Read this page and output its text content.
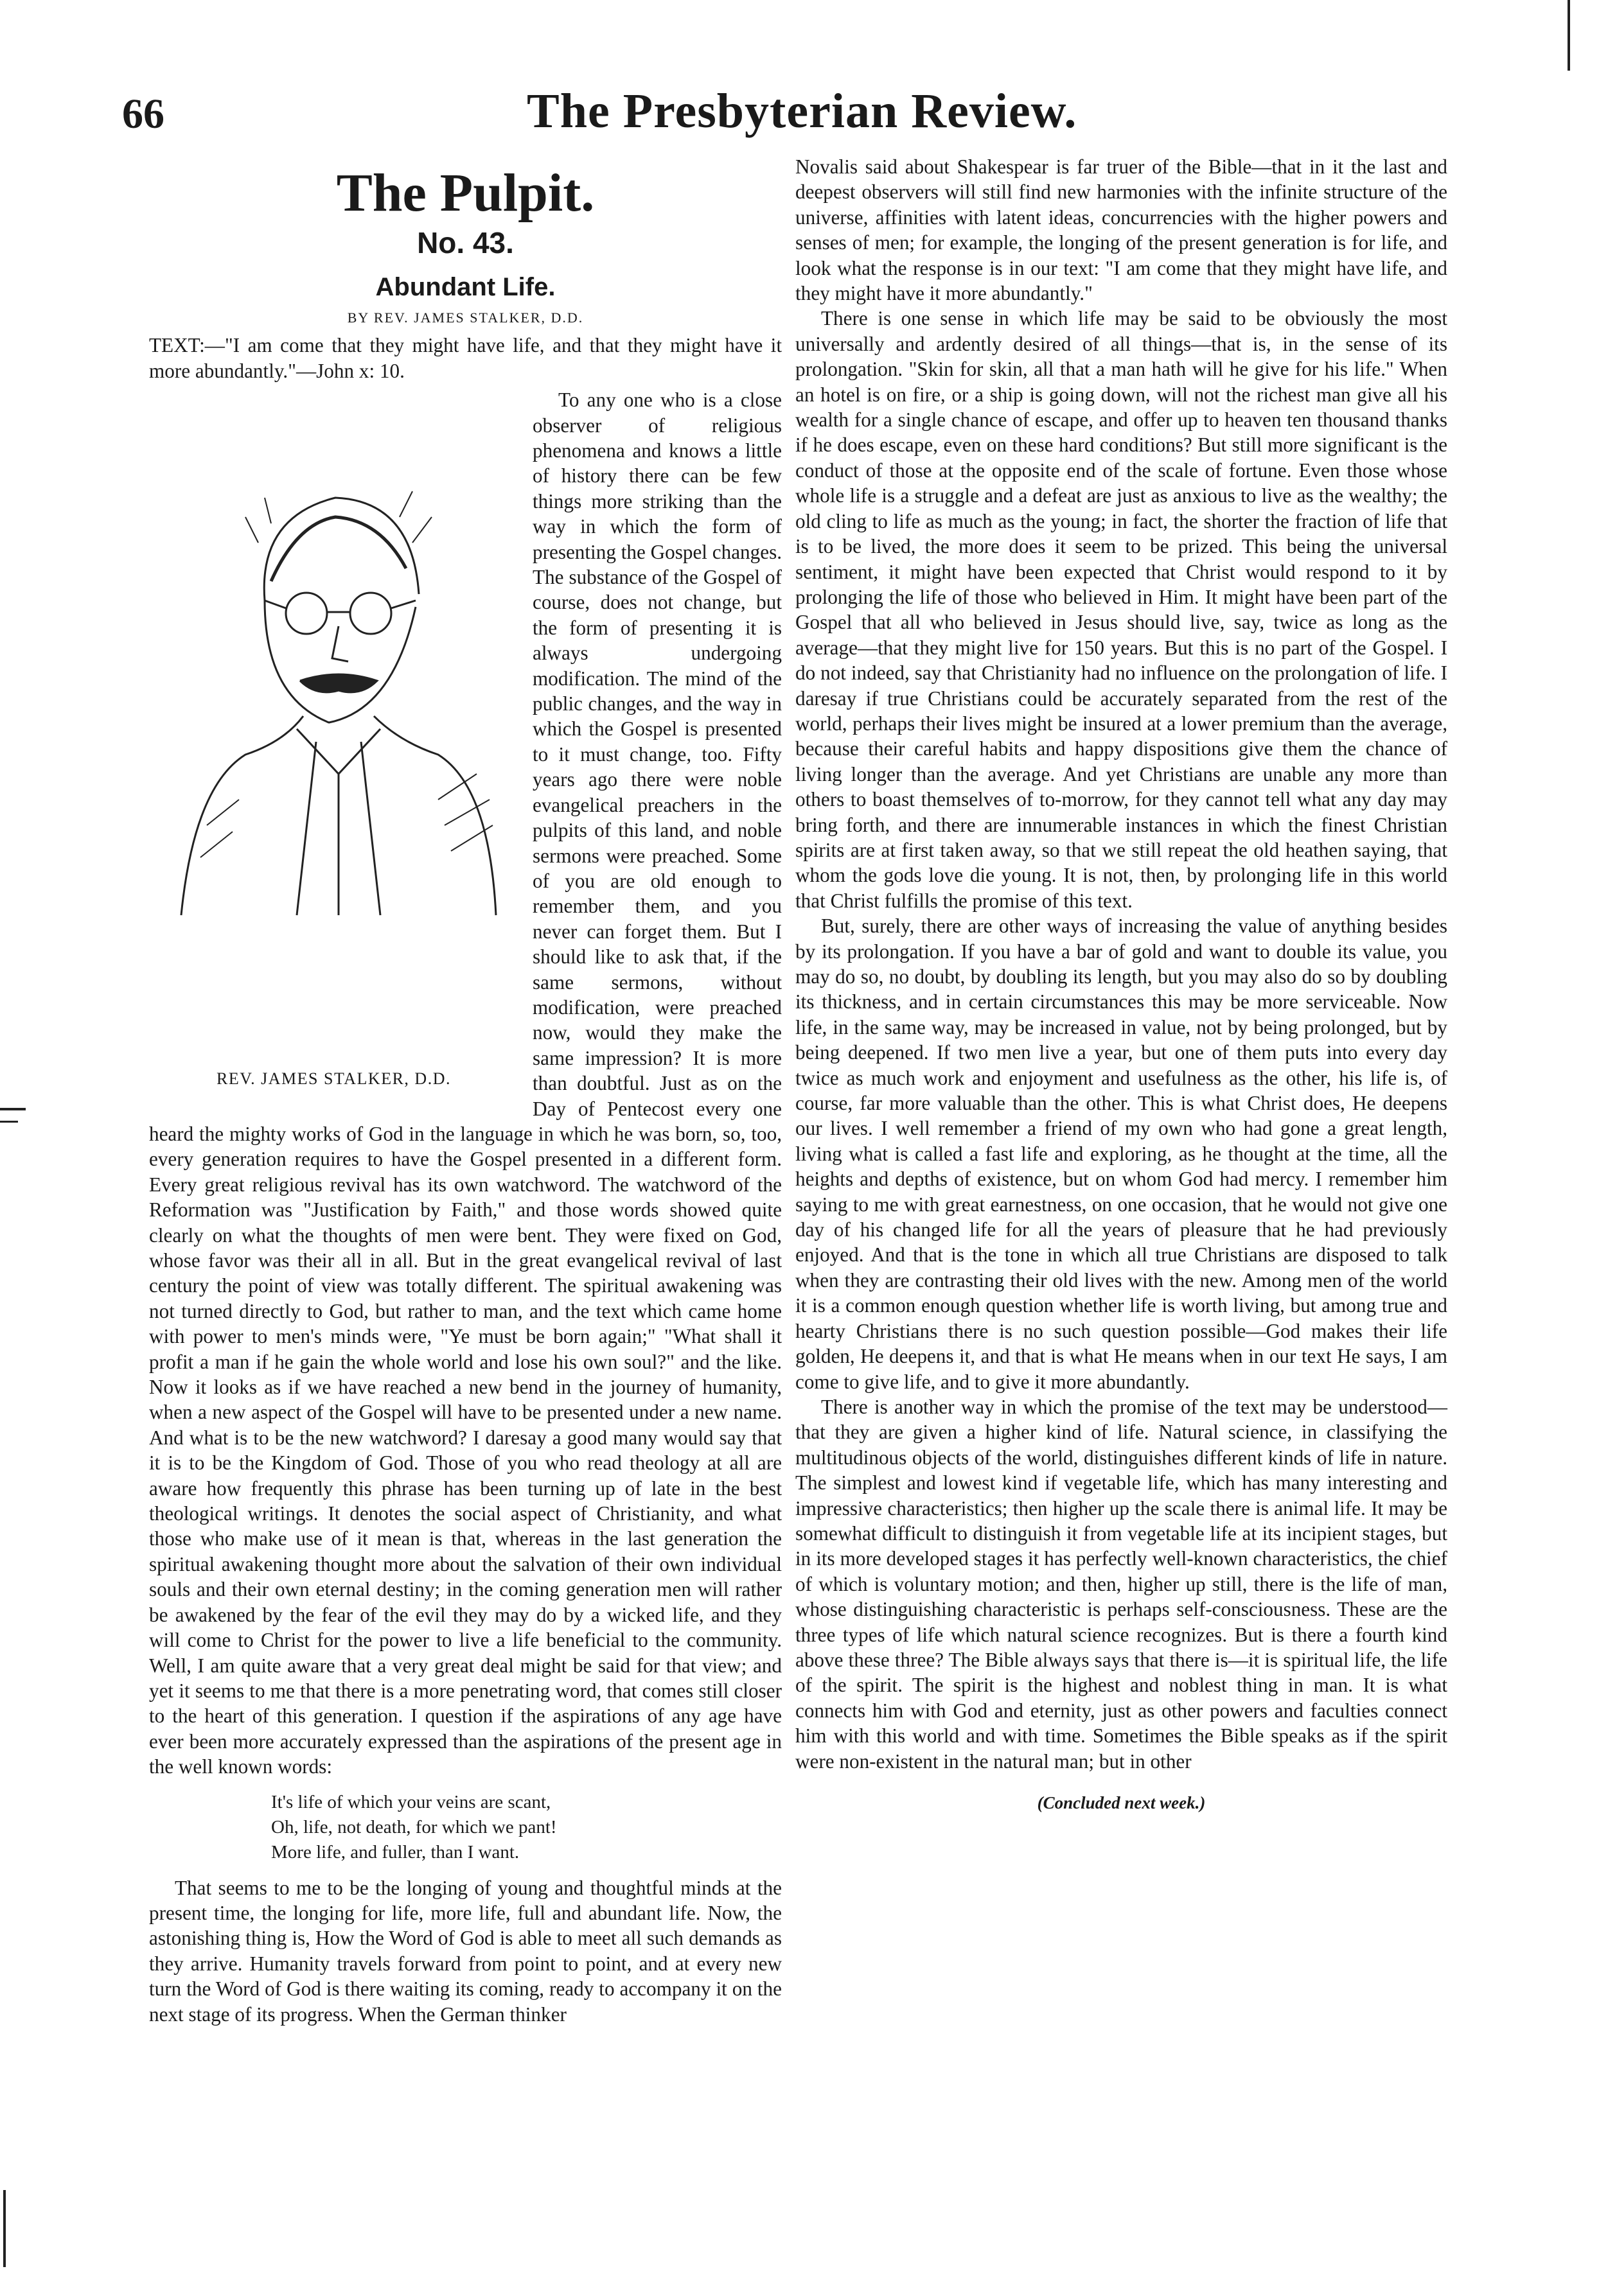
66	The Presbyterian Review.
The Pulpit.
No. 43.
Abundant Life.
BY REV. JAMES STALKER, D.D.

TEXT:—"I am come that they might have life, and that they might have it more abundantly."—John x: 10.

REV. JAMES STALKER, D.D.

To any one who is a close observer of religious phenomena and knows a little of history there can be few things more striking than the way in which the form of presenting the Gospel changes. The substance of the Gospel of course, does not change, but the form of presenting it is always undergoing modification. The mind of the public changes, and the way in which the Gospel is presented to it must change, too. Fifty years ago there were noble evangelical preachers in the pulpits of this land, and noble sermons were preached. Some of you are old enough to remember them, and you never can forget them. But I should like to ask that, if the same sermons, without modification, were preached now, would they make the same impression? It is more than doubtful. Just as on the Day of Pentecost every one heard the mighty works of God in the language in which he was born, so, too, every generation requires to have the Gospel presented in a different form. Every great religious revival has its own watchword. The watchword of the Reformation was "Justification by Faith," and those words showed quite clearly on what the thoughts of men were bent. They were fixed on God, whose favor was their all in all. But in the great evangelical revival of last century the point of view was totally different. The spiritual awakening was not turned directly to God, but rather to man, and the text which came home with power to men's minds were, "Ye must be born again;" "What shall it profit a man if he gain the whole world and lose his own soul?" and the like. Now it looks as if we have reached a new bend in the journey of humanity, when a new aspect of the Gospel will have to be presented under a new name. And what is to be the new watchword? I daresay a good many would say that it is to be the Kingdom of God. Those of you who read theology at all are aware how frequently this phrase has been turning up of late in the best theological writings. It denotes the social aspect of Christianity, and what those who make use of it mean is that, whereas in the last generation the spiritual awakening thought more about the salvation of their own individual souls and their own eternal destiny; in the coming generation men will rather be awakened by the fear of the evil they may do by a wicked life, and they will come to Christ for the power to live a life beneficial to the community. Well, I am quite aware that a very great deal might be said for that view; and yet it seems to me that there is a more penetrating word, that comes still closer to the heart of this generation. I question if the aspirations of any age have ever been more accurately expressed than the aspirations of the present age in the well known words:

It's life of which your veins are scant,
Oh, life, not death, for which we pant!
More life, and fuller, than I want.

That seems to me to be the longing of young and thoughtful minds at the present time, the longing for life, more life, full and abundant life. Now, the astonishing thing is, How the Word of God is able to meet all such demands as they arrive. Humanity travels forward from point to point, and at every new turn the Word of God is there waiting its coming, ready to accompany it on the next stage of its progress. When the German thinker

Novalis said about Shakespear is far truer of the Bible—that in it the last and deepest observers will still find new harmonies with the infinite structure of the universe, affinities with latent ideas, concurrencies with the higher powers and senses of men; for example, the longing of the present generation is for life, and look what the response is in our text: "I am come that they might have life, and they might have it more abundantly."

There is one sense in which life may be said to be obviously the most universally and ardently desired of all things—that is, in the sense of its prolongation. "Skin for skin, all that a man hath will he give for his life." When an hotel is on fire, or a ship is going down, will not the richest man give all his wealth for a single chance of escape, and offer up to heaven ten thousand thanks if he does escape, even on these hard conditions? But still more significant is the conduct of those at the opposite end of the scale of fortune. Even those whose whole life is a struggle and a defeat are just as anxious to live as the wealthy; the old cling to life as much as the young; in fact, the shorter the fraction of life that is to be lived, the more does it seem to be prized. This being the universal sentiment, it might have been expected that Christ would respond to it by prolonging the life of those who believed in Him. It might have been part of the Gospel that all who believed in Jesus should live, say, twice as long as the average—that they might live for 150 years. But this is no part of the Gospel. I do not indeed, say that Christianity had no influence on the prolongation of life. I daresay if true Christians could be accurately separated from the rest of the world, perhaps their lives might be insured at a lower premium than the average, because their careful habits and happy dispositions give them the chance of living longer than the average. And yet Christians are unable any more than others to boast themselves of to-morrow, for they cannot tell what any day may bring forth, and there are innumerable instances in which the finest Christian spirits are at first taken away, so that we still repeat the old heathen saying, that whom the gods love die young. It is not, then, by prolonging life in this world that Christ fulfills the promise of this text.

But, surely, there are other ways of increasing the value of anything besides by its prolongation. If you have a bar of gold and want to double its value, you may do so, no doubt, by doubling its length, but you may also do so by doubling its thickness, and in certain circumstances this may be more serviceable. Now life, in the same way, may be increased in value, not by being prolonged, but by being deepened. If two men live a year, but one of them puts into every day twice as much work and enjoyment and usefulness as the other, his life is, of course, far more valuable than the other. This is what Christ does, He deepens our lives. I well remember a friend of my own who had gone a great length, living what is called a fast life and exploring, as he thought at the time, all the heights and depths of existence, but on whom God had mercy. I remember him saying to me with great earnestness, on one occasion, that he would not give one day of his changed life for all the years of pleasure that he had previously enjoyed. And that is the tone in which all true Christians are disposed to talk when they are contrasting their old lives with the new. Among men of the world it is a common enough question whether life is worth living, but among true and hearty Christians there is no such question possible—God makes their life golden, He deepens it, and that is what He means when in our text He says, I am come to give life, and to give it more abundantly.

There is another way in which the promise of the text may be understood—that they are given a higher kind of life. Natural science, in classifying the multitudinous objects of the world, distinguishes different kinds of life in nature. The simplest and lowest kind if vegetable life, which has many interesting and impressive characteristics; then higher up the scale there is animal life. It may be somewhat difficult to distinguish it from vegetable life at its incipient stages, but in its more developed stages it has perfectly well-known characteristics, the chief of which is voluntary motion; and then, higher up still, there is the life of man, whose distinguishing characteristic is perhaps self-consciousness. These are the three types of life which natural science recognizes. But is there a fourth kind above these three? The Bible always says that there is—it is spiritual life, the life of the spirit. The spirit is the highest and noblest thing in man. It is what connects him with God and eternity, just as other powers and faculties connect him with this world and with time. Sometimes the Bible speaks as if the spirit were non-existent in the natural man; but in other

(Concluded next week.)
